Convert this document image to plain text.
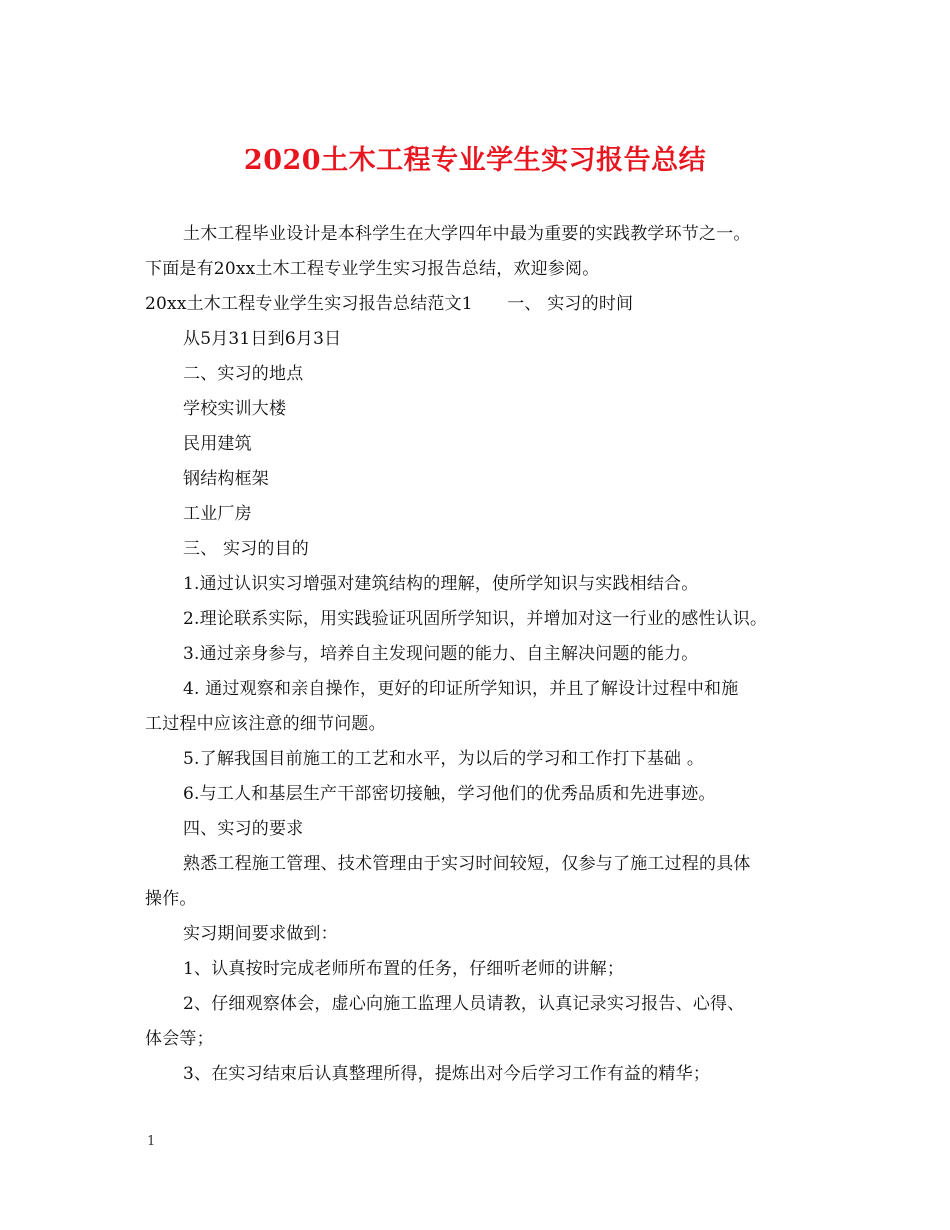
2020土木工程专业学生实习报告总结
土木工程毕业设计是本科学生在大学四年中最为重要的实践教学环节之一。
下面是有20xx土木工程专业学生实习报告总结，欢迎参阅。
20xx土木工程专业学生实习报告总结范文1　　一、 实习的时间
从5月31日到6月3日
二、实习的地点
学校实训大楼
民用建筑
钢结构框架
工业厂房
三、 实习的目的
1.通过认识实习增强对建筑结构的理解，使所学知识与实践相结合。
2.理论联系实际，用实践验证巩固所学知识，并增加对这一行业的感性认识。
3.通过亲身参与，培养自主发现问题的能力、自主解决问题的能力。
4. 通过观察和亲自操作，更好的印证所学知识，并且了解设计过程中和施
工过程中应该注意的细节问题。
5.了解我国目前施工的工艺和水平，为以后的学习和工作打下基础 。
6.与工人和基层生产干部密切接触，学习他们的优秀品质和先进事迹。
四、实习的要求
熟悉工程施工管理、技术管理由于实习时间较短，仅参与了施工过程的具体
操作。
实习期间要求做到：
1、认真按时完成老师所布置的任务，仔细听老师的讲解；
2、仔细观察体会，虚心向施工监理人员请教，认真记录实习报告、心得、
体会等；
3、在实习结束后认真整理所得，提炼出对今后学习工作有益的精华；
1
